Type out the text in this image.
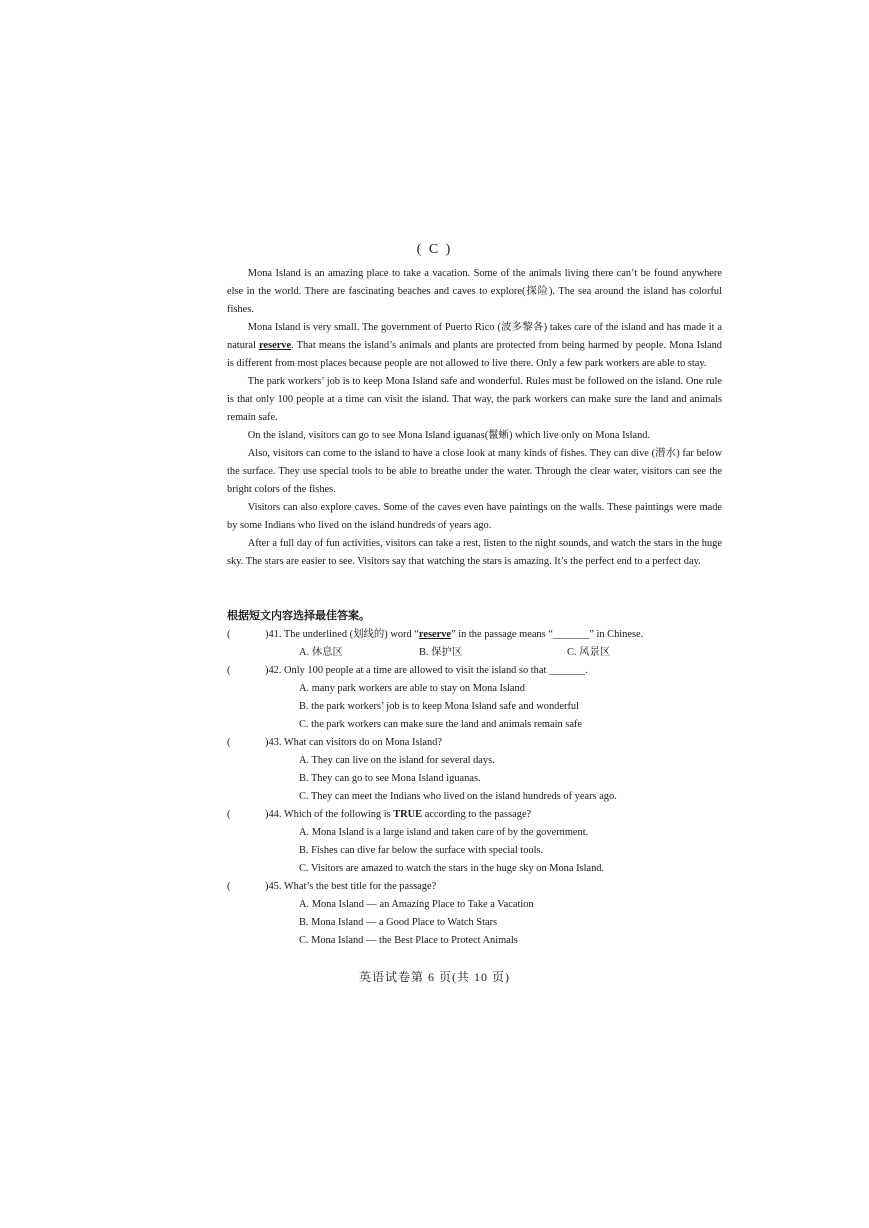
( C )

Mona Island is an amazing place to take a vacation. Some of the animals living there can’t be found anywhere else in the world. There are fascinating beaches and caves to explore(探险). The sea around the island has colorful fishes.

Mona Island is very small. The government of Puerto Rico (波多黎各) takes care of the island and has made it a natural reserve. That means the island’s animals and plants are protected from being harmed by people. Mona Island is different from most places because people are not allowed to live there. Only a few park workers are able to stay.

The park workers’ job is to keep Mona Island safe and wonderful. Rules must be followed on the island. One rule is that only 100 people at a time can visit the island. That way, the park workers can make sure the land and animals remain safe.

On the island, visitors can go to see Mona Island iguanas(鬣蜥) which live only on Mona Island.

Also, visitors can come to the island to have a close look at many kinds of fishes. They can dive (潜水) far below the surface. They use special tools to be able to breathe under the water. Through the clear water, visitors can see the bright colors of the fishes.

Visitors can also explore caves. Some of the caves even have paintings on the walls. These paintings were made by some Indians who lived on the island hundreds of years ago.

After a full day of fun activities, visitors can take a rest, listen to the night sounds, and watch the stars in the huge sky. The stars are easier to see. Visitors say that watching the stars is amazing. It’s the perfect end to a perfect day.

根据短文内容选择最佳答案。
(	)41. The underlined (划线的) word “reserve” in the passage means “_______” in Chinese.
A. 休息区	B. 保护区	C. 风景区
(	)42. Only 100 people at a time are allowed to visit the island so that _______.
A. many park workers are able to stay on Mona Island
B. the park workers’ job is to keep Mona Island safe and wonderful
C. the park workers can make sure the land and animals remain safe
(	)43. What can visitors do on Mona Island?
A. They can live on the island for several days.
B. They can go to see Mona Island iguanas.
C. They can meet the Indians who lived on the island hundreds of years ago.
(	)44. Which of the following is TRUE according to the passage?
A. Mona Island is a large island and taken care of by the government.
B. Fishes can dive far below the surface with special tools.
C. Visitors are amazed to watch the stars in the huge sky on Mona Island.
(	)45. What’s the best title for the passage?
A. Mona Island — an Amazing Place to Take a Vacation
B. Mona Island — a Good Place to Watch Stars
C. Mona Island — the Best Place to Protect Animals
英语试卷第 6 页(共 10 页)
